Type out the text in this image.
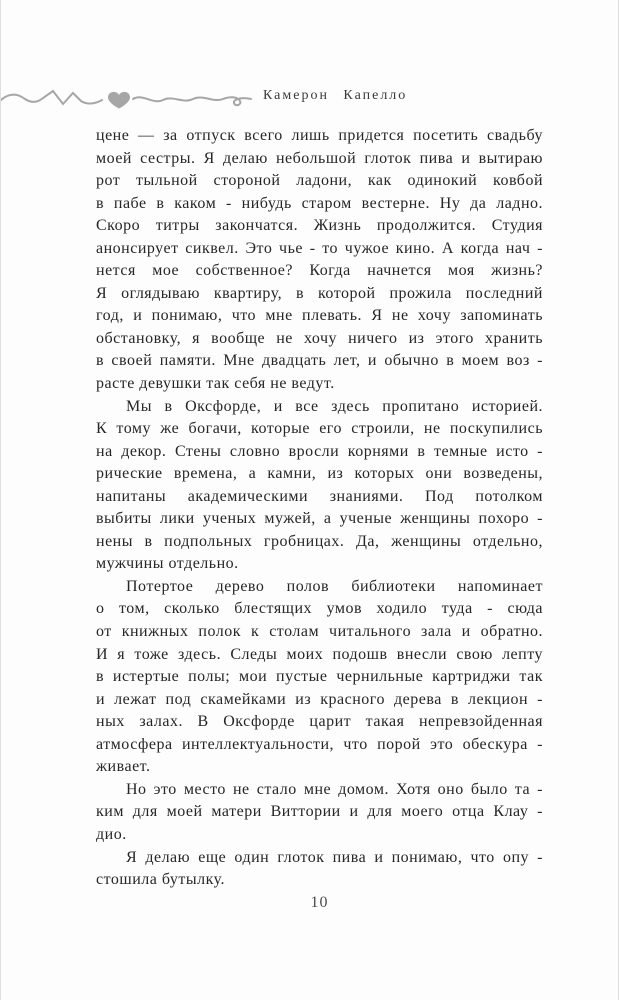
Камерон Капелло

цене — за отпуск всего лишь придется посетить свадьбу
моей сестры. Я делаю небольшой глоток пива и вытираю
рот тыльной стороной ладони, как одинокий ковбой
в пабе в каком - нибудь старом вестерне. Ну да ладно.
Скоро титры закончатся. Жизнь продолжится. Студия
анонсирует сиквел. Это чье - то чужое кино. А когда нач -
нется мое собственное? Когда начнется моя жизнь?
Я оглядываю квартиру, в которой прожила последний
год, и понимаю, что мне плевать. Я не хочу запоминать
обстановку, я вообще не хочу ничего из этого хранить
в своей памяти. Мне двадцать лет, и обычно в моем воз -
расте девушки так себя не ведут.

Мы в Оксфорде, и все здесь пропитано историей.
К тому же богачи, которые его строили, не поскупились
на декор. Стены словно вросли корнями в темные исто -
рические времена, а камни, из которых они возведены,
напитаны академическими знаниями. Под потолком
выбиты лики ученых мужей, а ученые женщины похоро -
нены в подпольных гробницах. Да, женщины отдельно,
мужчины отдельно.

Потертое дерево полов библиотеки напоминает
о том, сколько блестящих умов ходило туда - сюда
от книжных полок к столам читального зала и обратно.
И я тоже здесь. Следы моих подошв внесли свою лепту
в истертые полы; мои пустые чернильные картриджи так
и лежат под скамейками из красного дерева в лекцион -
ных залах. В Оксфорде царит такая непревзойденная
атмосфера интеллектуальности, что порой это обескура -
живает.

Но это место не стало мне домом. Хотя оно было та -
ким для моей матери Виттории и для моего отца Клау -
дио.

Я делаю еще один глоток пива и понимаю, что опу -
стошила бутылку.

10
